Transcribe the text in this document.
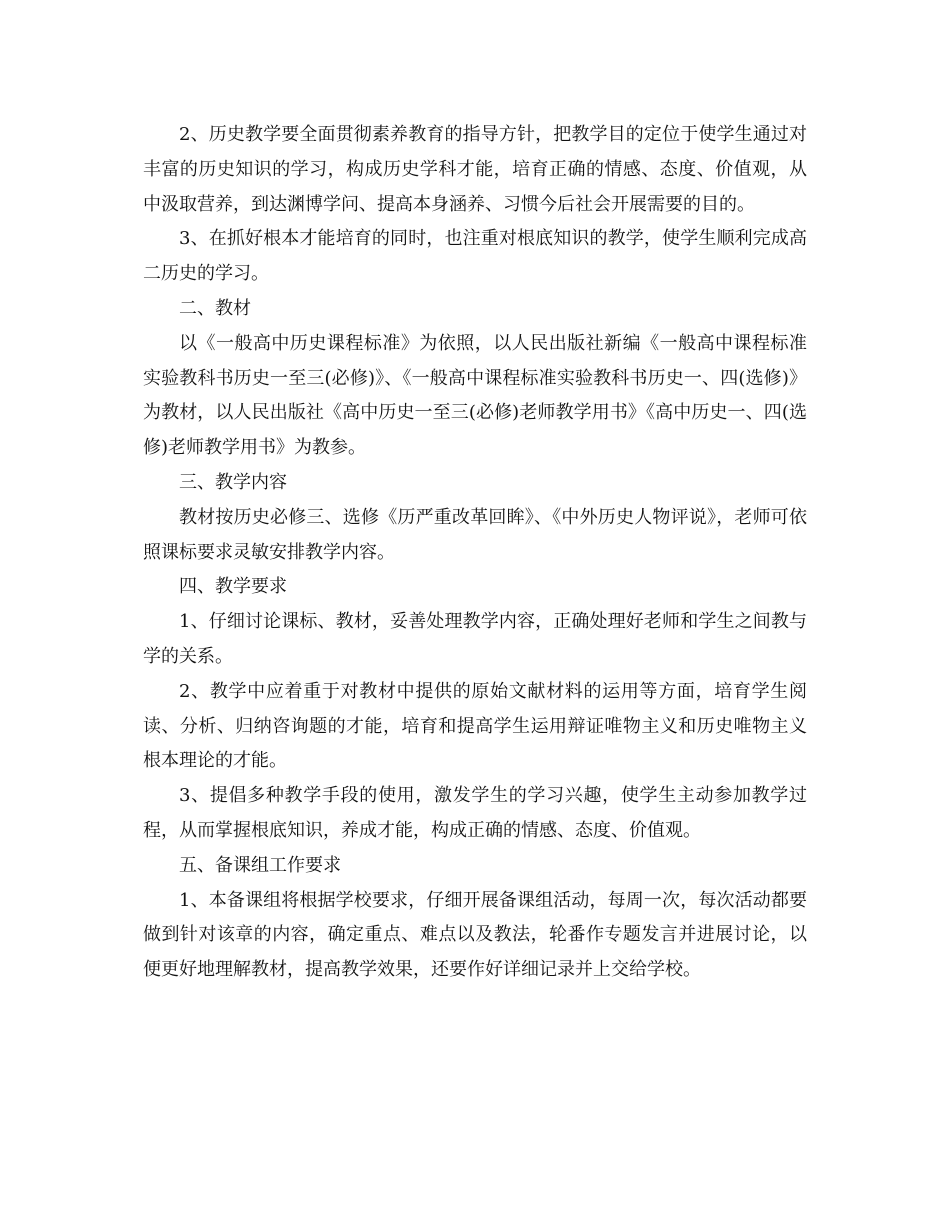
2、历史教学要全面贯彻素养教育的指导方针，把教学目的定位于使学生通过对丰富的历史知识的学习，构成历史学科才能，培育正确的情感、态度、价值观，从中汲取营养，到达渊博学问、提高本身涵养、习惯今后社会开展需要的目的。

3、在抓好根本才能培育的同时，也注重对根底知识的教学，使学生顺利完成高二历史的学习。

二、教材

以《一般高中历史课程标准》为依照，以人民出版社新编《一般高中课程标准实验教科书历史一至三(必修)》、《一般高中课程标准实验教科书历史一、四(选修)》为教材，以人民出版社《高中历史一至三(必修)老师教学用书》《高中历史一、四(选修)老师教学用书》为教参。

三、教学内容

教材按历史必修三、选修《历严重改革回眸》、《中外历史人物评说》，老师可依照课标要求灵敏安排教学内容。

四、教学要求

1、仔细讨论课标、教材，妥善处理教学内容，正确处理好老师和学生之间教与学的关系。

2、教学中应着重于对教材中提供的原始文献材料的运用等方面，培育学生阅读、分析、归纳咨询题的才能，培育和提高学生运用辩证唯物主义和历史唯物主义根本理论的才能。

3、提倡多种教学手段的使用，激发学生的学习兴趣，使学生主动参加教学过程，从而掌握根底知识，养成才能，构成正确的情感、态度、价值观。

五、备课组工作要求

1、本备课组将根据学校要求，仔细开展备课组活动，每周一次，每次活动都要做到针对该章的内容，确定重点、难点以及教法，轮番作专题发言并进展讨论，以便更好地理解教材，提高教学效果，还要作好详细记录并上交给学校。
